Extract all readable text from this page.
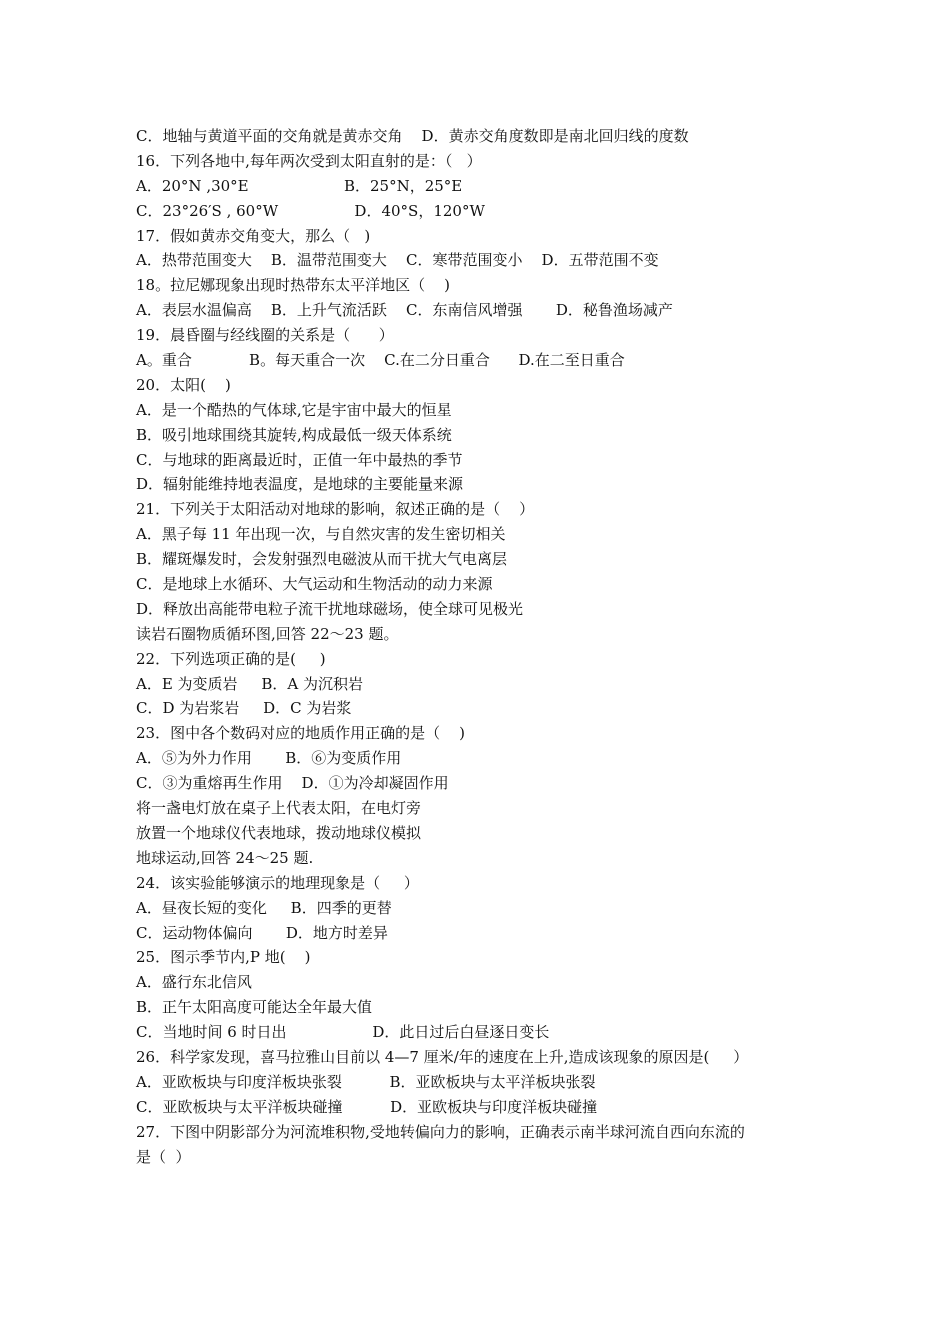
C．地轴与黄道平面的交角就是黄赤交角    D．黄赤交角度数即是南北回归线的度数
16．下列各地中,每年两次受到太阳直射的是：（   ）
A．20°N ,30°E                    B．25°N，25°E
C．23°26′S , 60°W                D．40°S，120°W
17．假如黄赤交角变大，那么（   )
A．热带范围变大    B．温带范围变大    C．寒带范围变小    D．五带范围不变
18。拉尼娜现象出现时热带东太平洋地区（    )
A．表层水温偏高    B．上升气流活跃    C．东南信风增强       D．秘鲁渔场减产
19．晨昏圈与经线圈的关系是（      ）
A。重合            B。每天重合一次    C.在二分日重合      D.在二至日重合
20．太阳(    )
A．是一个酷热的气体球,它是宇宙中最大的恒星
B．吸引地球围绕其旋转,构成最低一级天体系统
C．与地球的距离最近时，正值一年中最热的季节
D．辐射能维持地表温度，是地球的主要能量来源
21．下列关于太阳活动对地球的影响，叙述正确的是（    ）
A．黑子每 11 年出现一次，与自然灾害的发生密切相关
B．耀斑爆发时，会发射强烈电磁波从而干扰大气电离层
C．是地球上水循环、大气运动和生物活动的动力来源
D．释放出高能带电粒子流干扰地球磁场，使全球可见极光
读岩石圈物质循环图,回答 22～23 题。
22．下列选项正确的是(     )
A．E 为变质岩     B．A 为沉积岩
C．D 为岩浆岩     D．C 为岩浆
23．图中各个数码对应的地质作用正确的是（    )
A．⑤为外力作用       B．⑥为变质作用
C．③为重熔再生作用    D．①为冷却凝固作用
将一盏电灯放在桌子上代表太阳，在电灯旁
放置一个地球仪代表地球，拨动地球仪模拟
地球运动,回答 24～25 题.
24．该实验能够演示的地理现象是（     ）
A．昼夜长短的变化     B．四季的更替
C．运动物体偏向       D．地方时差异
25．图示季节内,P 地(    )
A．盛行东北信风
B．正午太阳高度可能达全年最大值
C．当地时间 6 时日出                  D．此日过后白昼逐日变长
26．科学家发现，喜马拉雅山目前以 4—7 厘米/年的速度在上升,造成该现象的原因是(     ）
A．亚欧板块与印度洋板块张裂          B．亚欧板块与太平洋板块张裂
C．亚欧板块与太平洋板块碰撞          D．亚欧板块与印度洋板块碰撞
27．下图中阴影部分为河流堆积物,受地转偏向力的影响，正确表示南半球河流自西向东流的
是（  ）
